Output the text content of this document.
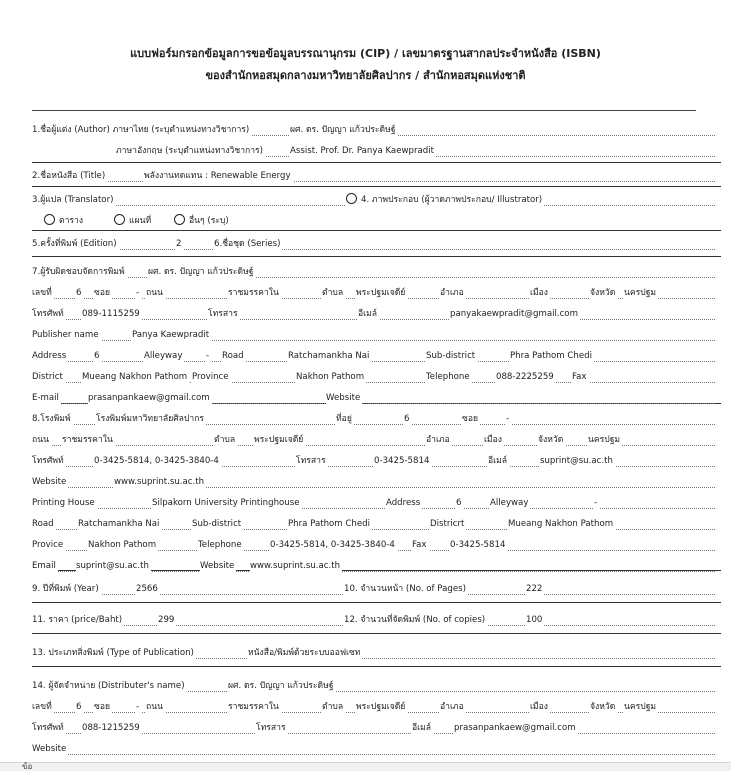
แบบฟอร์มกรอกข้อมูลการขอข้อมูลบรรณานุกรม (CIP) / เลขมาตรฐานสากลประจำหนังสือ (ISBN)
ของสำนักหอสมุดกลางมหาวิทยาลัยศิลปากร / สำนักหอสมุดแห่งชาติ
1.ชื่อผู้แต่ง (Author) ภาษาไทย (ระบุตำแหน่งทางวิชาการ)	ผศ. ดร. ปัญญา แก้วประดิษฐ์
ภาษาอังกฤษ (ระบุตำแหน่งทางวิชาการ)	Assist. Prof. Dr. Panya Kaewpradit
2.ชื่อหนังสือ (Title)	พลังงานทดแทน : Renewable Energy
3.ผู้แปล (Translator)	4. ภาพประกอบ (ผู้วาดภาพประกอบ/ Illustrator)
ตาราง	แผนที่	อื่นๆ (ระบุ)
5.ครั้งที่พิมพ์ (Edition)	2	6.ชื่อชุด (Series)
7.ผู้รับผิดชอบจัดการพิมพ์	ผศ. ดร. ปัญญา แก้วประดิษฐ์
เลขที่	6 ซอย	- ถนน	ราชมรรคาใน	ตำบล พระปฐมเจดีย์	อำเภอ	เมือง	จังหวัด นครปฐม
โทรศัพท์ 089-1115259	โทรสาร	อีเมล์	panyakaewpradit@gmail.com
Publisher name	Panya Kaewpradit
Address	6	Alleyway	- Road	Ratchamankha Nai	Sub-district	Phra Pathom Chedi
District Mueang Nakhon Pathom Province	Nakhon Pathom	Telephone	088-2225259 Fax
E-mail	prasanpankaew@gmail.com	Website
8.โรงพิมพ์	โรงพิมพ์มหาวิทยาลัยศิลปากร	ที่อยู่	6	ซอย	-
ถนน ราชมรรคาใน	ตำบล พระปฐมเจดีย์	อำเภอ	เมือง	จังหวัด	นครปฐม
โทรศัพท์	0-3425-5814, 0-3425-3840-4	โทรสาร	0-3425-5814	อีเมล์	suprint@su.ac.th
Website	www.suprint.su.ac.th
Printing House	Silpakorn University Printinghouse	Address	6	Alleyway	-
Road	Ratchamankha Nai	Sub-district	Phra Pathom Chedi	Districrt	Mueang Nakhon Pathom
Provice	Nakhon Pathom	Telephone	0-3425-5814, 0-3425-3840-4 Fax	0-3425-5814
Email suprint@su.ac.th	Website www.suprint.su.ac.th
9. ปีที่พิมพ์ (Year)	2566	10. จำนวนหน้า (No. of Pages)	222
11. ราคา (price/Baht)	299	12. จำนวนที่จัดพิมพ์ (No. of copies)	100
13. ประเภทสิ่งพิมพ์ (Type of Publication)	หนังสือ/พิมพ์ด้วยระบบออฟเซท
14. ผู้จัดจำหน่าย (Distributer's name)	ผศ. ดร. ปัญญา แก้วประดิษฐ์
เลขที่	6 ซอย	- ถนน	ราชมรรคาใน	ตำบล พระปฐมเจดีย์	อำเภอ	เมือง	จังหวัด นครปฐม
โทรศัพท์ 088-1215259	โทรสาร	อีเมล์	prasanpankaew@gmail.com
Website
ข้อ
